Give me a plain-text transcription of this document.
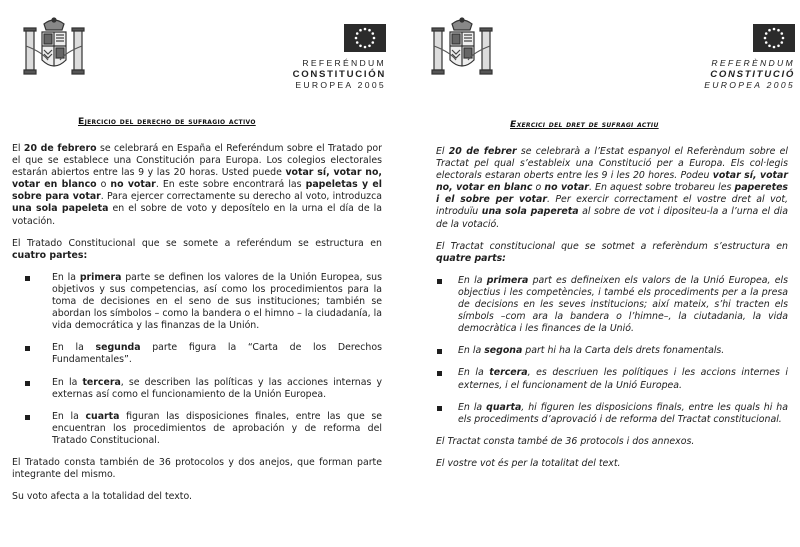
REFERÉNDUM
CONSTITUCIÓN
EUROPEA 2005
Ejercicio del derecho de sufragio activo

El 20 de febrero se celebrará en España el Referéndum sobre el Tratado por el que se establece una Constitución para Europa. Los colegios electorales estarán abiertos entre las 9 y las 20 horas. Usted puede votar sí, votar no, votar en blanco o no votar. En este sobre encontrará las papeletas y el sobre para votar. Para ejercer correctamente su derecho al voto, introduzca una sola papeleta en el sobre de voto y deposítelo en la urna el día de la votación.

El Tratado Constitucional que se somete a referéndum se estructura en cuatro partes:

En la primera parte se definen los valores de la Unión Europea, sus objetivos y sus competencias, así como los procedimientos para la toma de decisiones en el seno de sus instituciones; también se abordan los símbolos – como la bandera o el himno – la ciudadanía, la vida democrática y las finanzas de la Unión.

En la segunda parte figura la “Carta de los Derechos Fundamentales”.

En la tercera, se describen las políticas y las acciones internas y externas así como el funcionamiento de la Unión Europea.

En la cuarta figuran las disposiciones finales, entre las que se encuentran los procedimientos de aprobación y de reforma del Tratado Constitucional.

El Tratado consta también de 36 protocolos y dos anejos, que forman parte integrante del mismo.

Su voto afecta a la totalidad del texto.

REFERÈNDUM
CONSTITUCIÓ
EUROPEA 2005
Exercici del dret de sufragi actiu

El 20 de febrer se celebrarà a l’Estat espanyol el Referèndum sobre el Tractat pel qual s’estableix una Constitució per a Europa. Els col·legis electorals estaran oberts entre les 9 i les 20 hores. Podeu votar sí, votar no, votar en blanc o no votar. En aquest sobre trobareu les paperetes i el sobre per votar. Per exercir correctament el vostre dret al vot, introduïu una sola papereta al sobre de vot i dipositeu-la a l’urna el dia de la votació.

El Tractat constitucional que se sotmet a referèndum s’estructura en quatre parts:

En la primera part es defineixen els valors de la Unió Europea, els objectius i les competències, i també els procediments per a la presa de decisions en les seves institucions; així mateix, s’hi tracten els símbols –com ara la bandera o l’himne–, la ciutadania, la vida democràtica i les finances de la Unió.

En la segona part hi ha la Carta dels drets fonamentals.

En la tercera, es descriuen les polítiques i les accions internes i externes, i el funcionament de la Unió Europea.

En la quarta, hi figuren les disposicions finals, entre les quals hi ha els procediments d’aprovació i de reforma del Tractat constitucional.

El Tractat consta també de 36 protocols i dos annexos.

El vostre vot és per la totalitat del text.
